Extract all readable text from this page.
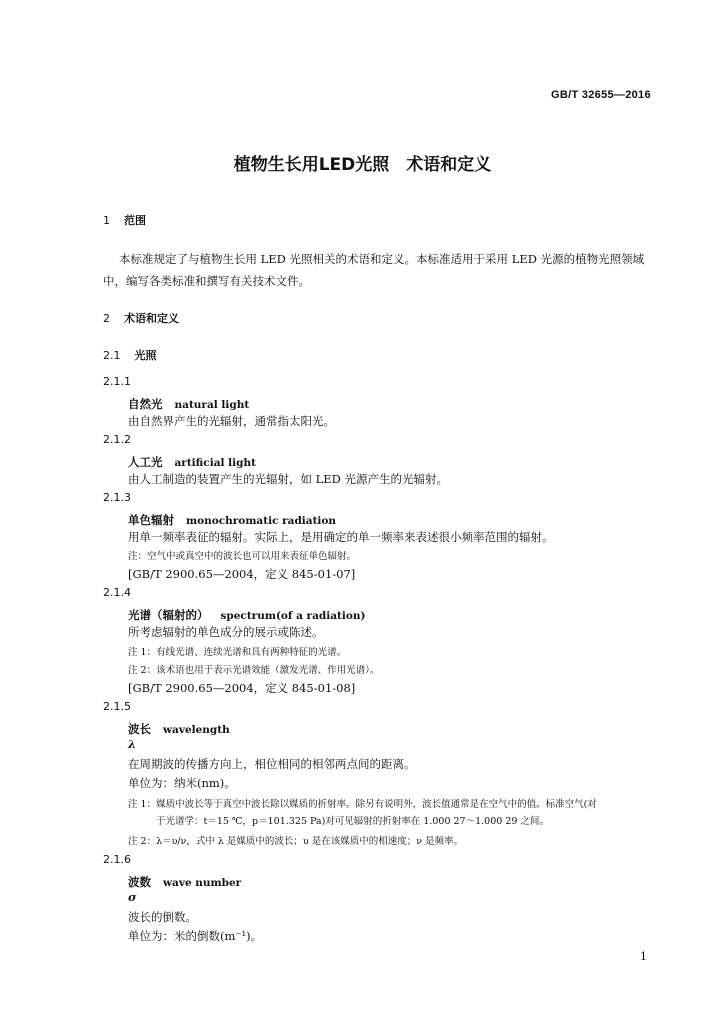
GB/T 32655—2016
植物生长用LED光照　术语和定义
1 范围
本标准规定了与植物生长用 LED 光照相关的术语和定义。本标准适用于采用 LED 光源的植物光照领域中，编写各类标准和撰写有关技术文件。
2 术语和定义
2.1 光照
2.1.1
自然光 natural light
由自然界产生的光辐射，通常指太阳光。
2.1.2
人工光 artificial light
由人工制造的装置产生的光辐射，如 LED 光源产生的光辐射。
2.1.3
单色辐射 monochromatic radiation
用单一频率表征的辐射。实际上，是用确定的单一频率来表述很小频率范围的辐射。
注：空气中或真空中的波长也可以用来表征单色辐射。
[GB/T 2900.65—2004，定义 845-01-07]
2.1.4
光谱（辐射的） spectrum(of a radiation)
所考虑辐射的单色成分的展示或陈述。
注 1：有线光谱、连续光谱和具有两种特征的光谱。
注 2：该术语也用于表示光谱效能（激发光谱、作用光谱）。
[GB/T 2900.65—2004，定义 845-01-08]
2.1.5
波长 wavelength
λ
在周期波的传播方向上，相位相同的相邻两点间的距离。
单位为：纳米(nm)。
注 1：媒质中波长等于真空中波长除以媒质的折射率。除另有说明外，波长值通常是在空气中的值。标准空气(对
于光谱学：t＝15 ℃，p＝101.325 Pa)对可见辐射的折射率在 1.000 27～1.000 29 之间。
注 2：λ＝υ/ν，式中 λ 是媒质中的波长；υ 是在该媒质中的相速度；ν 是频率。
2.1.6
波数 wave number
σ
波长的倒数。
单位为：米的倒数(m⁻¹)。
1
